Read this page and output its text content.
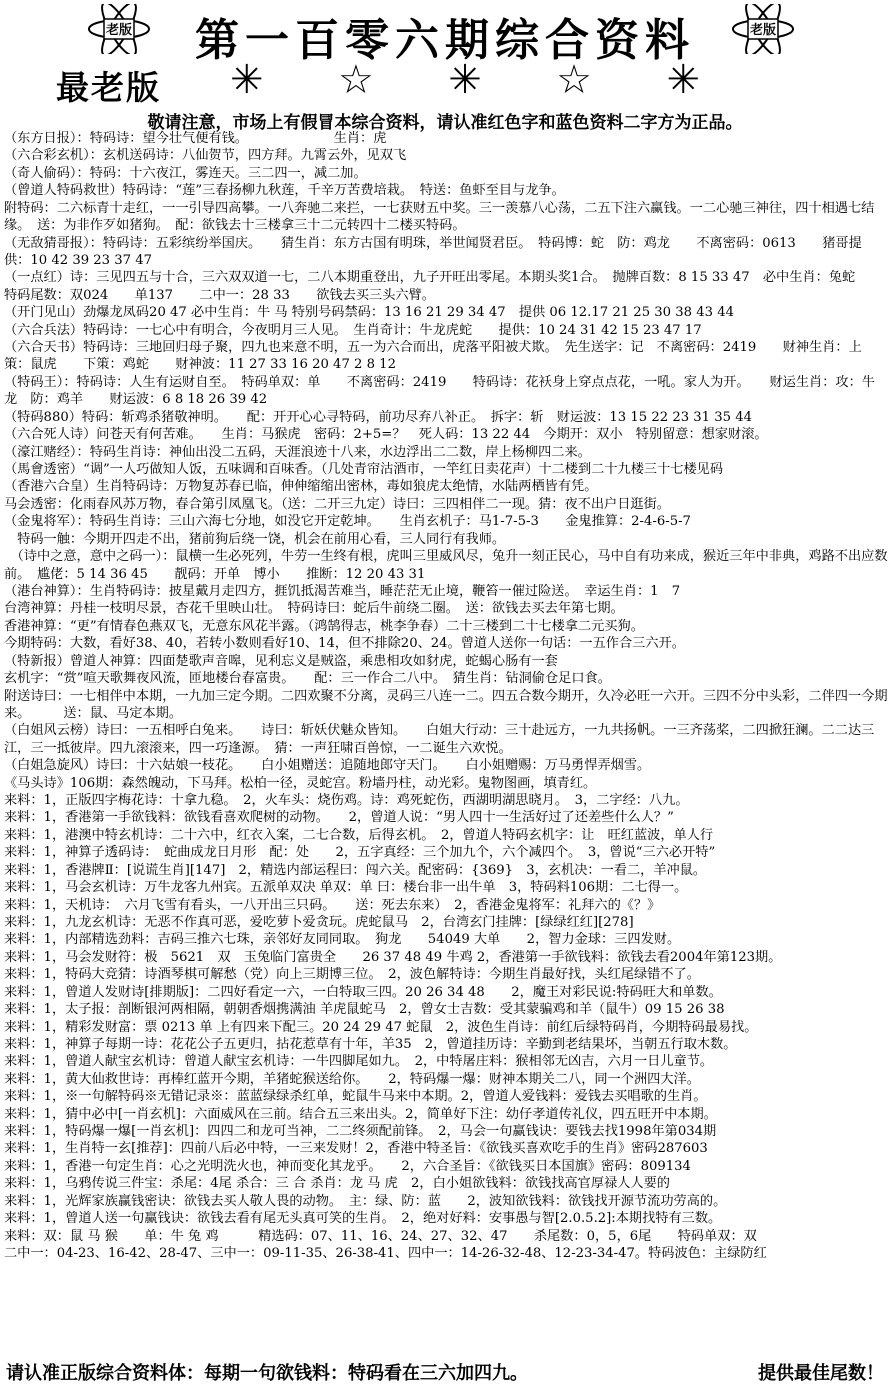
老版	第一百零六期综合资料	老版
最老版 ✳ ☆ ✳ ☆ ✳
敬请注意，市场上有假冒本综合资料，请认准红色字和蓝色资料二字方为正品。
（东方日报）：特码诗：望今壮气便有钱。　　　　　　　生肖：虎
（六合彩玄机）：玄机送码诗：八仙贺节，四方拜。九霄云外，见双飞
（奇人偷码）：特码：十六夜江，雾连天。三二四一，减二加。
（曾道人特码救世）特码诗：“莲”三春扬柳九秋莲，千辛万苦费培栽。　特送：鱼虾至目与龙争。
附特码：二六标青十走红，一一引导四高攀。一八奔驰二来拦，一七获财五中奖。三一羡慕八心荡，二五下注六赢钱。一二心驰三神往，四十相遇七结缘。　送：为非作歹如猪狗。　配：欲钱去十三楼拿三十二元转四十二楼买特码。
（无敌猜哥报）：特码诗：五彩缤纷举国庆。　　猜生肖：东方古国有明珠，举世闻贤君臣。　特码博：蛇　防：鸡龙　　不离密码：0613　　猪哥提供：10 42 39 23 37 47
（一点红）诗：三见四五与十合，三六双双道一七，二八本期重登出，九子开旺出零尾。本期头奖1合。　抛牌百数：8 15 33 47　必中生肖：兔蛇　　特码尾数：双024　　单137　　二中一：28 33　　欲钱去买三头六臂。
（开门见山）劲爆龙凤码20 47 必中生肖：牛 马 特别号码禁码：13 16 21 29 34 47　提供 06 12.17 21 25 30 38 43 44
（六合兵法）特码诗：一七心中有明合，今夜明月三人见。　生肖奇计：牛龙虎蛇　　提供：10 24 31 42 15 23 47 17
（六合天书）特码诗：三地回归母子聚，四九也来意不明，五一为六合而出，虎落平阳被犬欺。　先生送字：记　不离密码：2419　　财神生肖：上策：鼠虎　　下策：鸡蛇　　财神波：11 27 33 16 20 47 2 8 12
（特码王）：特码诗：人生有运财自至。　特码单双：单　　不离密码：2419　　特码诗：花袄身上穿点点花，一吼。家人为开。　　财运生肖：攻：牛龙　防：鸡羊　　财运波：6 8 18 26 39 42
（特码880）特码：斩鸡杀猪敬神明。　　配：开开心心寻特码，前功尽弃八补正。　拆字：斩　财运波：13 15 22 23 31 35 44
（六合死人诗）问苍天有何苦难。　　生肖：马猴虎　密码：2+5=？　死人码：13 22 44　今期开：双小　特别留意：想家财滚。
（濠江赌经）：特码生肖诗：神仙出没二五码，天涯浪迹十八来，水边浮出二二数，岸上杨柳四二来。
（馬會透密）“调”一人巧做知人饭，五味调和百味香。（几处青帘沽酒市，一竿红日卖花声）十二楼到二十九楼三十七楼见码
（香港六合皇）生肖特码诗：万物复苏春已临，伸伸缩缩出密林，毒如狼虎太绝情，水陆两栖皆有凭。
马会透密：化雨春风苏万物，春合第引凤凰飞。（送：二开三九定）诗曰：三四相伴二一现。猜：夜不出户日逛街。
（金鬼将军）：特码生肖诗：三山六海七分地，如没它开定乾坤。　　生肖玄机子：马1-7-5-3　　金鬼推算：2-4-6-5-7
　特码一触：今期开四走不出，猪前狗后绕一饶，机会在前用心看，三人同行有我师。
　（诗中之意，意中之码一）：鼠横一生必死列，牛劳一生终有根，虎叫三里威风尽，兔升一刻正民心，马中自有功来成，猴近三年中非典，鸡路不出应数前。　尴佬：5 14 36 45　　靓码：开单　博小　　推断：12 20 43 31
（港台神算）：生肖特码诗：披星戴月走四方，捱饥抵渴苦难当，睡茫茫无止境，鞭笞一催过险送。　幸运生肖：1　7
台湾神算：丹桂一枝明尽景，杏花千里映山壮。　特码诗曰：蛇后牛前绕二圈。　送：欲钱去买去年第七期。
香港神算：“更”有情春色燕双飞，无意东风花半露。（鸿鹄得志，桃李争春）二十三楼到二十七楼拿二元买狗。
今期特码：大数，看好38、40，若转小数则看好10、14，但不排除20、24。曾道人送你一句话：一五作合三六开。
（特新报）曾道人神算：四面楚歌声音嗥，见利忘义是贼盗，乘患相攻如豺虎，蛇蝎心肠有一套
玄机字：“赏”喧天歌舞夜风流，匝地楼台春富贵。　　配：三一作合二八中。　猜生肖：钻洞偷仓足口食。
附送诗曰：一七相伴中本期，一九加三定今期。二四欢聚不分离，灵码三八连一二。四五合数今期开，久冷必旺一六开。三四不分中头彩，二伴四一今期来。　　　送：鼠、马定本期。
（白姐风云榜）诗曰：一五相呼白兔来。　　诗曰：斩妖伏魅众皆知。　　白姐大行动：三十赴远方，一九共扬帆。一三齐荡桨，二四掀狂澜。二二达三江，三一抵彼岸。四九滚滚来，四一巧逢源。　猜：一声狂啸百兽惊，一二诞生六欢悦。
（白姐急旋风）诗曰：十六姑娘一枝花。　　白小姐赠送：追随地郎守天门。　　白小姐赠赐：万马勇悍弄烟雪。
《马头诗》106期：森然魄动，下马拜。松柏一径，灵蛇宫。粉墙丹柱，动光彩。鬼物图画，填青红。
来料：1，正版四字梅花诗：十拿九稳。　2，火车头：烧伤鸡。诗：鸡死蛇伤，西湖明湖思晓月。　3，二字经：八九。
来料：1，香港第一手欲钱料：欲钱看喜欢爬树的动物。　　2，曾道人说：“男人四十一生活好过了还差些什么人？”
来料：1，港澳中特玄机诗：二十六中，红衣入案，二七合数，后得玄机。　2，曾道人特码玄机字：让　旺红蓝波，单人行
来料：1，神算子透码诗：　蛇曲成龙日月形　配：处　　2，五字真经：三个加九个，六个减四个。　3，曾说“三六必开特”
来料：1，香港牌Ⅱ：[说谎生肖][147]　2，精选内部运程曰：闯六关。配密码：{369}　3，玄机决：一看二，羊冲鼠。
来料：1，马会玄机诗：万牛龙客九州宾。五派单双决 单双：单 曰：楼台非一出牛单　3，特码料106期：二七得一。
来料：1，天机诗：　六月飞雪有看头，一八开出三只码。　　送：死去东来）　2，香港金鬼将军：礼拜六的《？》
来料：1，九龙玄机诗：无恶不作真可恶，爱吃萝卜爱贪玩。虎蛇鼠马　2，台湾玄门挂牌：[绿绿红红][278]
来料：1，内部精选劲料：吉码三推六七珠，亲邻好友同同取。　狗龙　　54049 大单　　2，智力金球：三四发财。
来料：1，马会发财符：极　5621　双　玉兔临门富贵全　　26 37 48 49 牛鸡 2，香港第一手欲钱料：欲钱去看2004年第123期。
来料：1，特码大竞猜：诗酒琴棋可解愁（党）向上三期博三位。　2，波色解特诗：今期生肖最好找，头红尾绿错不了。
来料：1，曾道人发财诗[排期版]：二四好看定一六，一白特取三四。20 26 34 48　　2，魔王对彩民说:特码旺大和单数。
来料：1，太子报：剖断银河两相隔，朝朝香烟携满油 羊虎鼠蛇马　2，曾女士吉数：受其蒙骗鸡和羊（鼠牛）09 15 26 38
来料：1，精彩发财富：票 0213 单 上有四来下配三。20 24 29 47 蛇鼠　2，波色生肖诗：前红后绿特码肖，今期特码最易找。
来料：1，神算子每期一诗：花花公子五更归，拈花惹草有十年，羊35　2，曾道挂历诗：辛勤到老结果坏，当朝五行取木数。
来料：1，曾道人献宝玄机诗：曾道人献宝玄机诗：一牛四脚尾如九。　2，中特屠庄料：猴相邻无凶吉，六月一日儿童节。
来料：1，黄大仙救世诗：再棒红蓝开今期，羊猪蛇猴送给你。　　2，特码爆一爆：财神本期关二八，同一个洲四大洋。
来料：1，※一句解特码※无错记录※：蓝蓝绿绿杀红单，蛇鼠牛马来中本期。2，曾道人爱钱料：爱钱去买唱歌的生肖。
来料：1，猜中必中[一肖玄机]：六面威风在三前。结合五三来出头。2，简单好下注：幼仔孝道传礼仪，四五旺开中本期。
来料：1，特码爆一爆[一肖玄机]：四四二和龙可当神，二二终须配前锋。　2，马会一句赢钱诀：要钱去找1998年第034期
来料：1，生肖特一玄[推荐]：四前八后必中特，一三来发财！2，香港中特圣旨：《欲钱买喜欢吃手的生肖》密码287603
来料：1，香港一句定生肖：心之光明洗火也，神而变化其龙乎。　　2，六合圣旨：《欲钱买日本国旗》密码：809134
来料：1，乌鸦传说三件宝：杀尾：4尾 杀合：三 合 杀肖：龙 马 虎　2，白小姐欲钱料：欲钱找高官厚禄人人要的
来料：1，光辉家族赢钱密诀：欲钱去买人敬人畏的动物。　主：绿、防：蓝　　2，波知欲钱料：欲钱找开源节流功劳高的。
来料：1，曾道人送一句赢钱诀：欲钱去看有尾无头真可笑的生肖。　2，绝对好料：安事愚与智[2.0.5.2]:本期找特有三数。
来料：双：鼠 马 猴　　单：牛 兔 鸡　　　精选码：07、11、16、24、27、32、47　　杀尾数：0，5，6尾　　特码单双：双
二中一：04-23、16-42、28-47、三中一：09-11-35、26-38-41、四中一：14-26-32-48、12-23-34-47。特码波色：主绿防红
请认准正版综合资料体：每期一句欲钱料：特码看在三六加四九。	提供最佳尾数！
